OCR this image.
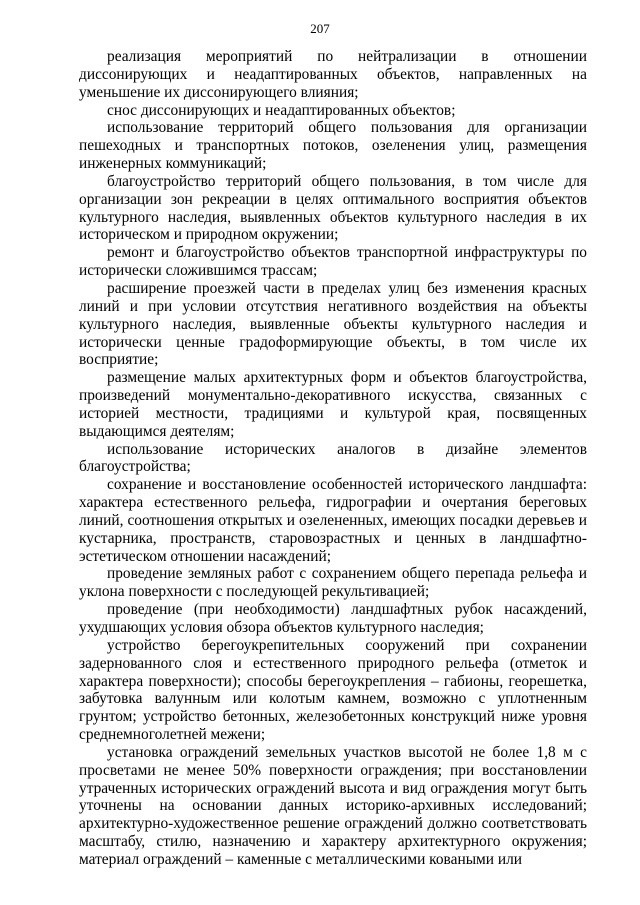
207

реализация мероприятий по нейтрализации в отношении диссонирующих и неадаптированных объектов, направленных на уменьшение их диссонирующего влияния;

снос диссонирующих и неадаптированных объектов;

использование территорий общего пользования для организации пешеходных и транспортных потоков, озеленения улиц, размещения инженерных коммуникаций;

благоустройство территорий общего пользования, в том числе для организации зон рекреации в целях оптимального восприятия объектов культурного наследия, выявленных объектов культурного наследия в их историческом и природном окружении;

ремонт и благоустройство объектов транспортной инфраструктуры по исторически сложившимся трассам;

расширение проезжей части в пределах улиц без изменения красных линий и при условии отсутствия негативного воздействия на объекты культурного наследия, выявленные объекты культурного наследия и исторически ценные градоформирующие объекты, в том числе их восприятие;

размещение малых архитектурных форм и объектов благоустройства, произведений монументально-декоративного искусства, связанных с историей местности, традициями и культурой края, посвященных выдающимся деятелям;

использование исторических аналогов в дизайне элементов благоустройства;

сохранение и восстановление особенностей исторического ландшафта: характера естественного рельефа, гидрографии и очертания береговых линий, соотношения открытых и озелененных, имеющих посадки деревьев и кустарника, пространств, старовозрастных и ценных в ландшафтно-эстетическом отношении насаждений;

проведение земляных работ с сохранением общего перепада рельефа и уклона поверхности с последующей рекультивацией;

проведение (при необходимости) ландшафтных рубок насаждений, ухудшающих условия обзора объектов культурного наследия;

устройство берегоукрепительных сооружений при сохранении задернованного слоя и естественного природного рельефа (отметок и характера поверхности); способы берегоукрепления – габионы, георешетка, забутовка валунным или колотым камнем, возможно с уплотненным грунтом; устройство бетонных, железобетонных конструкций ниже уровня среднемноголетней межени;

установка ограждений земельных участков высотой не более 1,8 м с просветами не менее 50% поверхности ограждения; при восстановлении утраченных исторических ограждений высота и вид ограждения могут быть уточнены на основании данных историко-архивных исследований; архитектурно-художественное решение ограждений должно соответствовать масштабу, стилю, назначению и характеру архитектурного окружения; материал ограждений – каменные с металлическими коваными или
